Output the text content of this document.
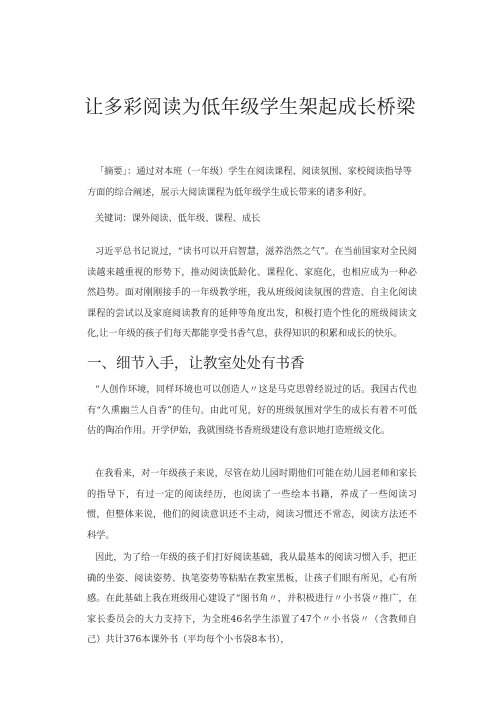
让多彩阅读为低年级学生架起成长桥梁

「摘要」：通过对本班（一年级）学生在阅读课程、阅读氛围、家校阅读指导等方面的综合阐述，展示大阅读课程为低年级学生成长带来的诸多利好。

关键词：课外阅读、低年级、课程、成长

习近平总书记说过，“读书可以开启智慧，滋养浩然之气”。在当前国家对全民阅读越来越重视的形势下，推动阅读低龄化、课程化、家庭化，也相应成为一种必然趋势。面对刚刚接手的一年级教学班，我从班级阅读氛围的营造、自主化阅读课程的尝试以及家庭阅读教育的延伸等角度出发，积极打造个性化的班级阅读文化,让一年级的孩子们每天都能享受书香气息，获得知识的积累和成长的快乐。

一、细节入手，让教室处处有书香

“人创作环境，同样环境也可以创造人〃这是马克思曾经说过的话。我国古代也有“久熏幽兰人自香”的佳句。由此可见，好的班级氛围对学生的成长有着不可低估的陶冶作用。开学伊始，我就围绕书香班级建设有意识地打造班级文化。

在我看来，对一年级孩子来说，尽管在幼儿园时期他们可能在幼儿园老师和家长的指导下，有过一定的阅读经历，也阅读了一些绘本书籍，养成了一些阅读习惯，但整体来说，他们的阅读意识还不主动，阅读习惯还不常态，阅读方法还不科学。

因此，为了给一年级的孩子们打好阅读基础，我从最基本的阅读习惯入手，把正确的坐姿、阅读姿势、执笔姿势等粘贴在教室黑板，让孩子们眼有所见，心有所感。在此基础上我在班级用心建设了“图书角〃，并积极进行〃小书袋〃推广，在家长委员会的大力支持下，为全班46名学生添置了47个〃小书袋〃（含教师自己）共计376本课外书（平均每个小书袋8本书），
